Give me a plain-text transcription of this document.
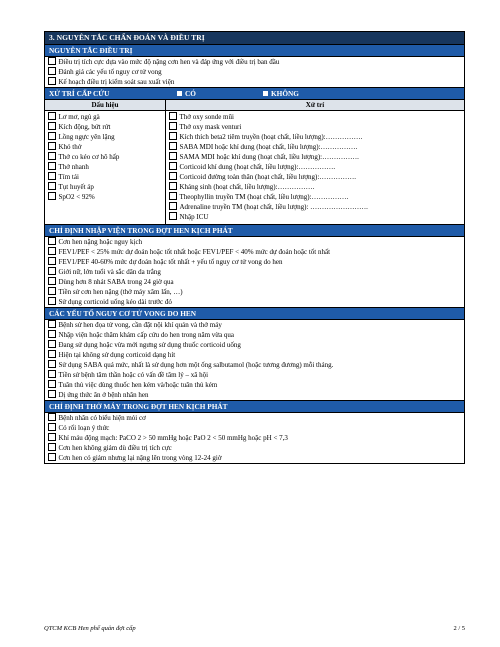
3. NGUYÊN TẮC CHẨN ĐOÁN VÀ ĐIỀU TRỊ
NGUYÊN TẮC ĐIỀU TRỊ
Điều trị tích cực dựa vào mức độ nặng cơn hen và đáp ứng với điều trị ban đầu
Đánh giá các yếu tố nguy cơ tử vong
Kế hoạch điều trị kiểm soát sau xuất viện
XỬ TRÍ CẤP CỨU	CÓ	KHÔNG
Dấu hiệu	Xử trí
Lơ mơ, ngủ gà
Kích động, bứt rứt
Lồng ngực yên lặng
Khó thở
Thở co kéo cơ hô hấp
Thở nhanh
Tím tái
Tụt huyết áp
SpO2 < 92%
Thở oxy sonde mũi
Thở oxy mask venturi
Kích thích beta2 tiêm truyền (hoạt chất, liều lượng):…………….
SABA MDI hoặc khí dung (hoạt chất, liều lượng):…………….
SAMA MDI hoặc khí dung (hoạt chất, liều lượng):…………….
Corticoid khí dung (hoạt chất, liều lượng):…………….
Corticoid đường toàn thân (hoạt chất, liều lượng):…………….
Kháng sinh (hoạt chất, liều lượng):…………….
Theophyllin truyền TM (hoạt chất, liều lượng):…………….
Adrenaline truyền TM (hoạt chất, liều lượng): …………………….
Nhập ICU
CHỈ ĐỊNH NHẬP VIỆN TRONG ĐỢT HEN KỊCH PHÁT
Cơn hen nặng hoặc nguy kịch
FEV1/PEF < 25% mức dự đoán hoặc tốt nhất hoặc FEV1/PEF < 40% mức dự đoán hoặc tốt nhất
FEV1/PEF 40-60% mức dự đoán hoặc tốt nhất + yếu tố nguy cơ tử vong do hen
Giới nữ, lớn tuổi và sắc dân da trắng
Dùng hơn 8 nhát SABA trong 24 giờ qua
Tiền sử cơn hen nặng (thở máy xâm lấn, …)
Sử dụng corticoid uống kéo dài trước đó
CÁC YẾU TỐ NGUY CƠ TỬ VONG DO HEN
Bệnh sử hen đọa tử vong, cần đặt nội khí quản và thở máy
Nhập viện hoặc thăm khám cấp cứu do hen trong năm vừa qua
Đang sử dụng hoặc vừa mới ngưng sử dụng thuốc corticoid uống
Hiện tại không sử dụng corticoid dạng hít
Sử dụng SABA quá mức, nhất là sử dụng hơn một ống salbutamol (hoặc tương đương) mỗi tháng.
Tiền sử bệnh tâm thần hoặc có vấn đề tâm lý – xã hội
Tuân thủ việc dùng thuốc hen kém và/hoặc tuân thủ kém
Dị ứng thức ăn ở bệnh nhân hen
CHỈ ĐỊNH THỞ MÁY TRONG ĐỢT HEN KỊCH PHÁT
Bệnh nhân có biểu hiện mỏi cơ
Có rối loạn ý thức
Khí máu động mạch: PaCO 2 > 50 mmHg hoặc PaO 2 < 50 mmHg hoặc pH < 7,3
Cơn hen không giảm dù điều trị tích cực
Cơn hen có giảm nhưng lại nặng lên trong vòng 12-24 giờ
QTCM KCB Hen phế quản đợt cấp	2 / 5
